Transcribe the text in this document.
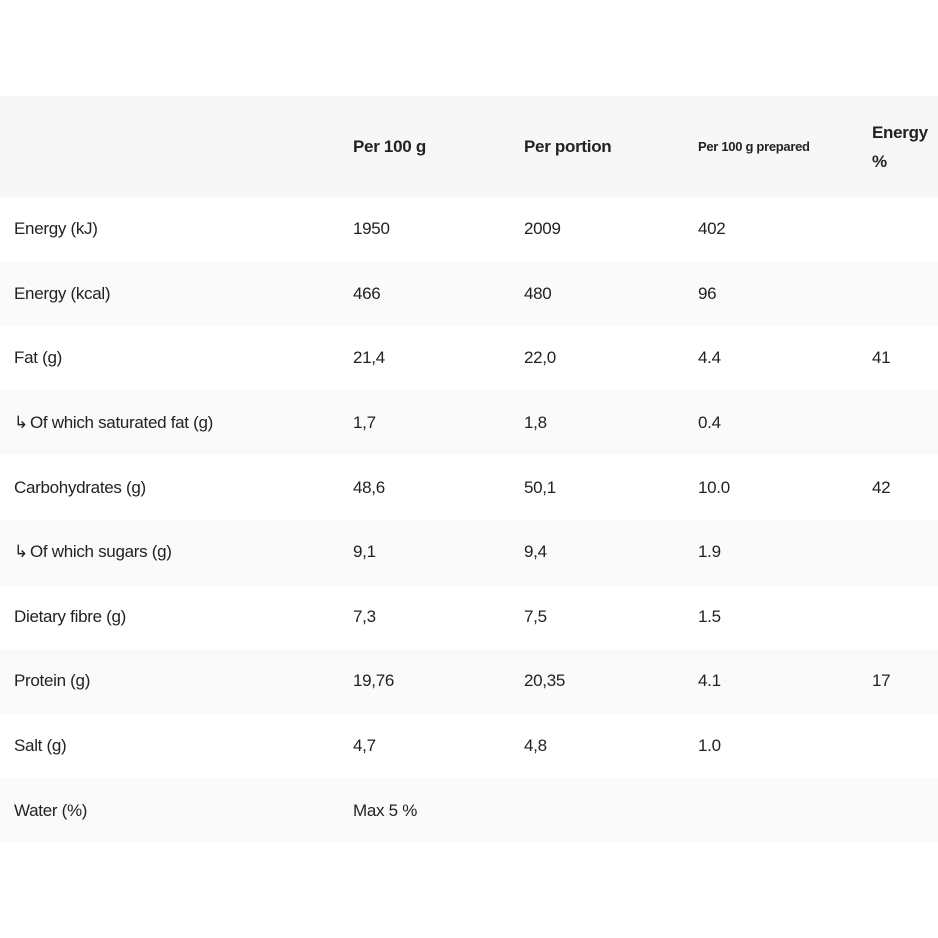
	Per 100 g	Per portion	Per 100 g prepared	Energy %
Energy (kJ)	1950	2009	402	
Energy (kcal)	466	480	96	
Fat (g)	21,4	22,0	4.4	41
↳ Of which saturated fat (g)	1,7	1,8	0.4	
Carbohydrates (g)	48,6	50,1	10.0	42
↳ Of which sugars (g)	9,1	9,4	1.9	
Dietary fibre (g)	7,3	7,5	1.5	
Protein (g)	19,76	20,35	4.1	17
Salt (g)	4,7	4,8	1.0	
Water (%)	Max 5 %			
